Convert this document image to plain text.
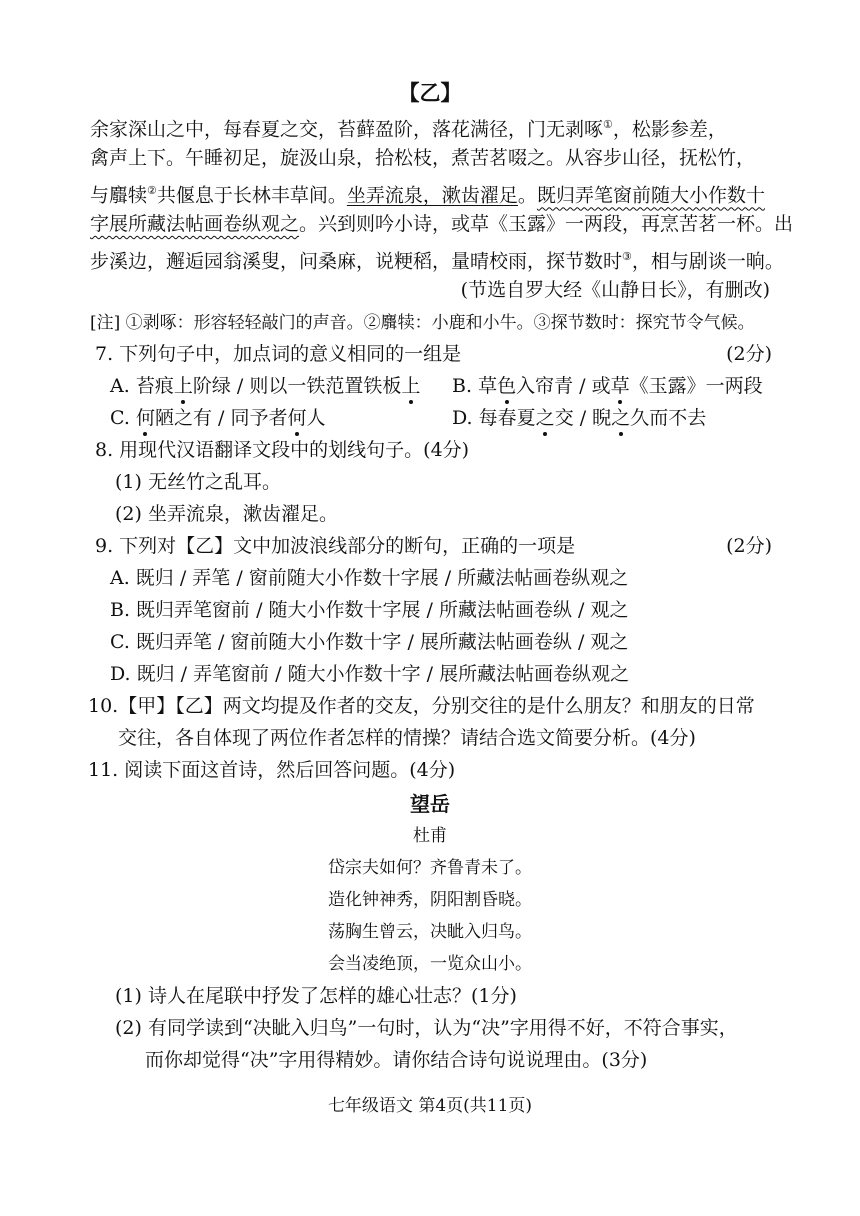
【乙】
余家深山之中，每春夏之交，苔藓盈阶，落花满径，门无剥啄①，松影参差，
禽声上下。午睡初足，旋汲山泉，拾松枝，煮苦茗啜之。从容步山径，抚松竹，
与麛犊②共偃息于长林丰草间。坐弄流泉，漱齿濯足。既归弄笔窗前随大小作数十
字展所藏法帖画卷纵观之。兴到则吟小诗，或草《玉露》一两段，再烹苦茗一杯。出
步溪边，邂逅园翁溪叟，问桑麻，说粳稻，量晴校雨，探节数时③，相与剧谈一晌。
(节选自罗大经《山静日长》，有删改)
[注] ①剥啄：形容轻轻敲门的声音。②麛犊：小鹿和小牛。③探节数时：探究节令气候。
7. 下列句子中，加点词的意义相同的一组是	(2分)
A. 苔痕上阶绿 / 则以一铁范置铁板上 B. 草色入帘青 / 或草《玉露》一两段
C. 何陋之有 / 同予者何人	D. 每春夏之交 / 睨之久而不去
8. 用现代汉语翻译文段中的划线句子。(4分)
(1) 无丝竹之乱耳。
(2) 坐弄流泉，漱齿濯足。
9. 下列对【乙】文中加波浪线部分的断句，正确的一项是	(2分)
A. 既归 / 弄笔 / 窗前随大小作数十字展 / 所藏法帖画卷纵观之
B. 既归弄笔窗前 / 随大小作数十字展 / 所藏法帖画卷纵 / 观之
C. 既归弄笔 / 窗前随大小作数十字 / 展所藏法帖画卷纵 / 观之
D. 既归 / 弄笔窗前 / 随大小作数十字 / 展所藏法帖画卷纵观之
10.【甲】【乙】两文均提及作者的交友，分别交往的是什么朋友？和朋友的日常
交往，各自体现了两位作者怎样的情操？请结合选文简要分析。(4分)
11. 阅读下面这首诗，然后回答问题。(4分)
望岳
杜甫
岱宗夫如何？齐鲁青未了。
造化钟神秀，阴阳割昏晓。
荡胸生曾云，决眦入归鸟。
会当凌绝顶，一览众山小。
(1) 诗人在尾联中抒发了怎样的雄心壮志？(1分)
(2) 有同学读到“决眦入归鸟”一句时，认为“决”字用得不好，不符合事实，
而你却觉得“决”字用得精妙。请你结合诗句说说理由。(3分)
七年级语文 第4页(共11页)
